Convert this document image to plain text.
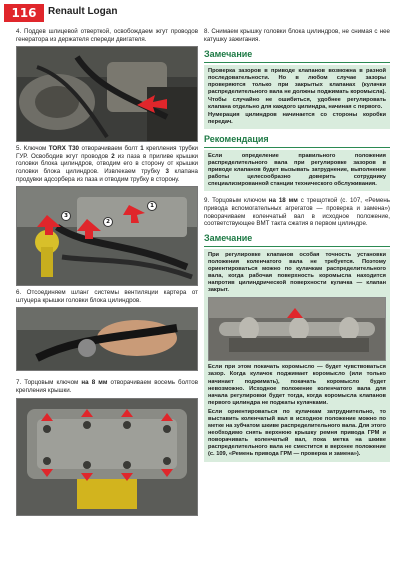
116	Renault Logan

4. Поддев шлицевой отверткой, освобождаем жгут проводов генератора из держателя спереди двигателя.

5. Ключом TORX T30 отворачиваем болт 1 крепления трубки ГУР. Освободив жгут проводов 2 из паза в приливе крышки головки блока цилиндров, отводим его в сторону от крышки головки блока цилиндров. Извлекаем трубку 3 клапана продувки адсорбера из паза и отводим трубку в сторону.

1
2
3

6. Отсоединяем шланг системы вентиляции картера от штуцера крышки головки блока цилиндров.

7. Торцовым ключом на 8 мм отворачиваем восемь болтов крепления крышки.

8. Снимаем крышку головки блока цилиндров, не снимая с нее катушку зажигания.

Замечание

Проверка зазоров в приводе клапанов возможна в разной последовательности. Но в любом случае зазоры проверяются только при закрытых клапанах (кулачки распределительного вала не должны поджимать коромысла). Чтобы случайно не ошибиться, удобнее регулировать клапана отдельно для каждого цилиндра, начиная с первого.

Нумерация цилиндров начинается со стороны коробки передач.

Рекомендация

Если определение правильного положения распределительного вала при регулировке зазоров в приводе клапанов будет вызывать затруднение, выполнение работы целесообразно доверить сотруднику специализированной станции технического обслуживания.

9. Торцовым ключом на 18 мм с трещоткой (с. 107, «Ремень привода вспомогательных агрегатов — проверка и замена») поворачиваем коленчатый вал в исходное положение, соответствующее ВМТ такта сжатия в первом цилиндре.

Замечание

При регулировке клапанов особая точность установки положения коленчатого вала не требуется. Поэтому ориентироваться можно по кулачкам распределительного вала, когда рабочая поверхность коромысла находится напротив цилиндрической поверхности кулачка — клапан закрыт.

Если при этом покачать коромысло — будет чувствоваться зазор. Когда кулачок поджимает коромысло (или только начинает поджимать), покачать коромысло будет невозможно. Исходное положение коленчатого вала для начала регулировки будет тогда, когда коромысла клапанов первого цилиндра не поджаты кулачками.

Если ориентироваться по кулачкам затруднительно, то выставить коленчатый вал в исходное положение можно по метке на зубчатом шкиве распределительного вала. Для этого необходимо снять верхнюю крышку ремня привода ГРМ и поворачивать коленчатый вал, пока метка на шкиве распределительного вала не сместится в верхнее положение (с. 109, «Ремень привода ГРМ — проверка и замена»).
